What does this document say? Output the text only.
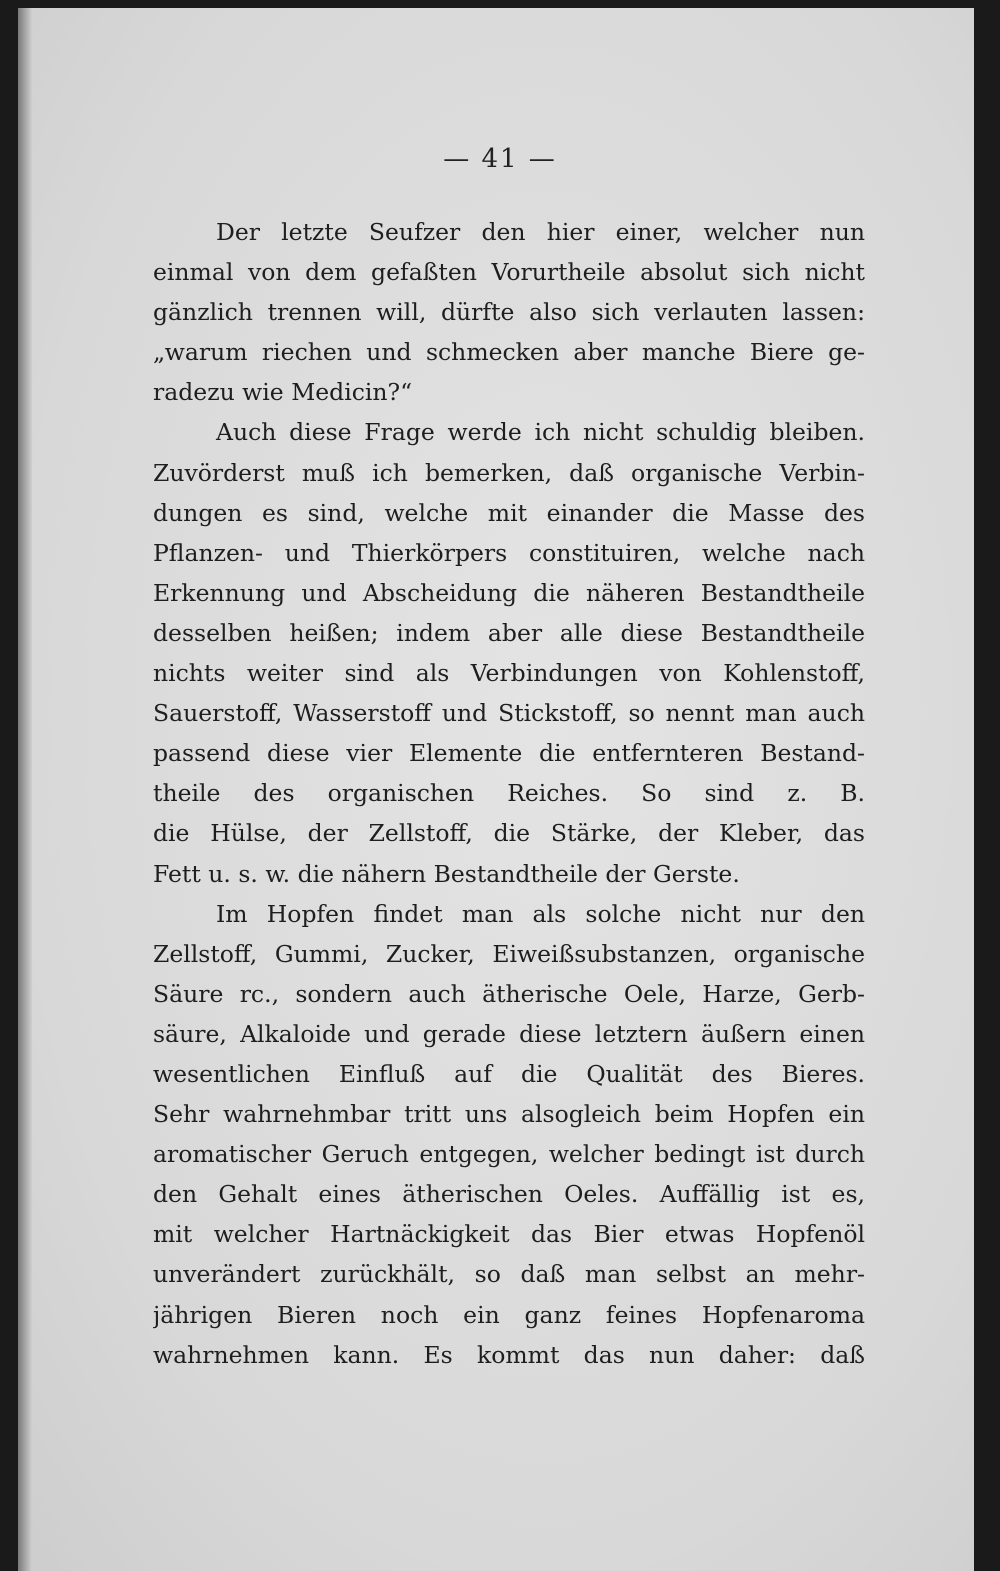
— 41 —
Der letzte Seufzer den hier einer, welcher nun
einmal von dem gefaßten Vorurtheile absolut sich nicht
gänzlich trennen will, dürfte also sich verlauten lassen:
„warum riechen und schmecken aber manche Biere ge-
radezu wie Medicin?“
Auch diese Frage werde ich nicht schuldig bleiben.
Zuvörderst muß ich bemerken, daß organische Verbin-
dungen es sind, welche mit einander die Masse des
Pflanzen- und Thierkörpers constituiren, welche nach
Erkennung und Abscheidung die näheren Bestandtheile
desselben heißen; indem aber alle diese Bestandtheile
nichts weiter sind als Verbindungen von Kohlenstoff,
Sauerstoff, Wasserstoff und Stickstoff, so nennt man auch
passend diese vier Elemente die entfernteren Bestand-
theile des organischen Reiches. So sind z. B.
die Hülse, der Zellstoff, die Stärke, der Kleber, das
Fett u. s. w. die nähern Bestandtheile der Gerste.
Im Hopfen findet man als solche nicht nur den
Zellstoff, Gummi, Zucker, Eiweißsubstanzen, organische
Säure rc., sondern auch ätherische Oele, Harze, Gerb-
säure, Alkaloide und gerade diese letztern äußern einen
wesentlichen Einfluß auf die Qualität des Bieres.
Sehr wahrnehmbar tritt uns alsogleich beim Hopfen ein
aromatischer Geruch entgegen, welcher bedingt ist durch
den Gehalt eines ätherischen Oeles. Auffällig ist es,
mit welcher Hartnäckigkeit das Bier etwas Hopfenöl
unverändert zurückhält, so daß man selbst an mehr-
jährigen Bieren noch ein ganz feines Hopfenaroma
wahrnehmen kann. Es kommt das nun daher: daß
